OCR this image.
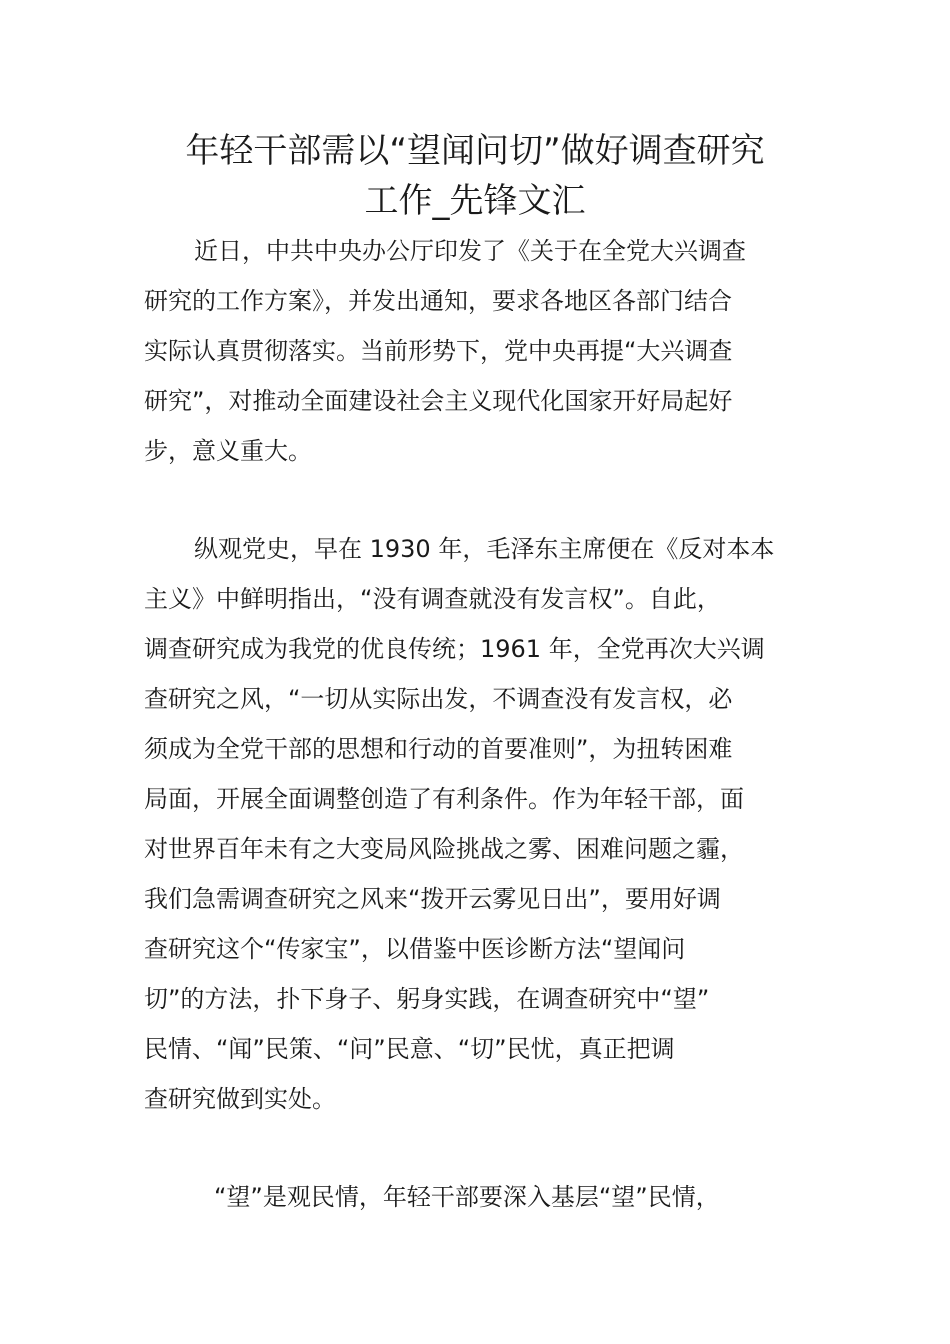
年轻干部需以“望闻问切”做好调查研究
工作_先锋文汇
近日，中共中央办公厅印发了《关于在全党大兴调查
研究的工作方案》，并发出通知，要求各地区各部门结合
实际认真贯彻落实。当前形势下，党中央再提“大兴调查
研究”，对推动全面建设社会主义现代化国家开好局起好
步，意义重大。
纵观党史，早在 1930 年，毛泽东主席便在《反对本本
主义》中鲜明指出，“没有调查就没有发言权”。自此，
调查研究成为我党的优良传统；1961 年，全党再次大兴调
查研究之风，“一切从实际出发，不调查没有发言权，必
须成为全党干部的思想和行动的首要准则”，为扭转困难
局面，开展全面调整创造了有利条件。作为年轻干部，面
对世界百年未有之大变局风险挑战之雾、困难问题之霾，
我们急需调查研究之风来“拨开云雾见日出”，要用好调
查研究这个“传家宝”，以借鉴中医诊断方法“望闻问
切”的方法，扑下身子、躬身实践，在调查研究中“望”
民情、“闻”民策、“问”民意、“切”民忧，真正把调
查研究做到实处。
“望”是观民情，年轻干部要深入基层“望”民情，
